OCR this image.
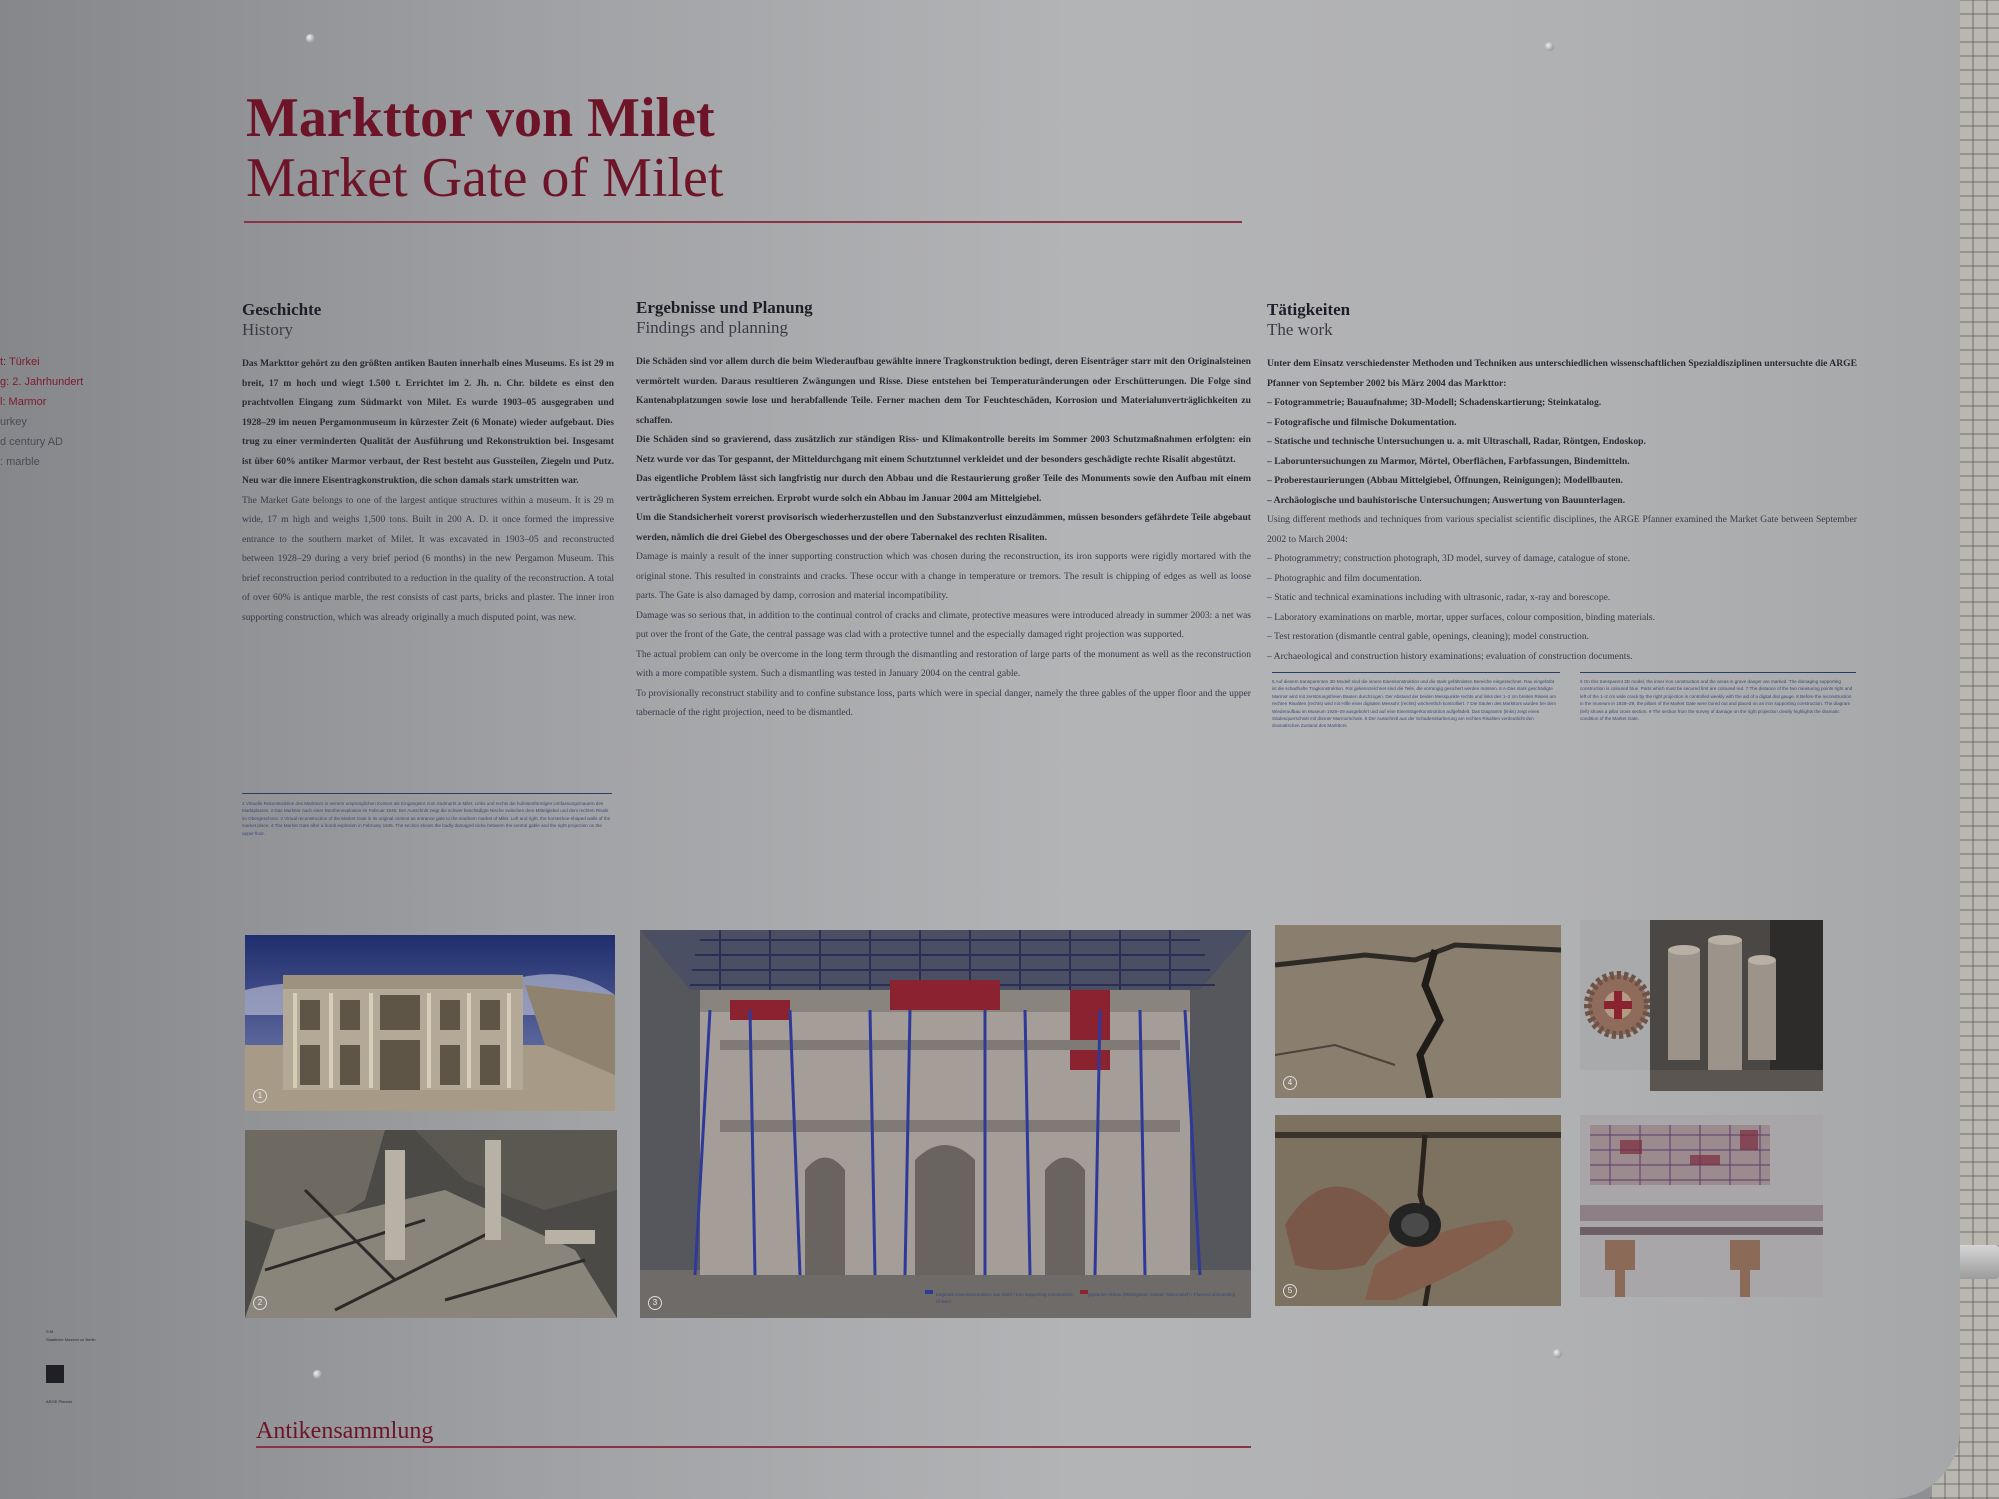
t: Türkei
g: 2. Jahrhundert
l: Marmor
urkey
d century AD
: marble
Markttor von Milet
Market Gate of Milet
Geschichte
History

Das Markttor gehört zu den größten antiken Bauten innerhalb eines Museums. Es ist 29 m breit, 17 m hoch und wiegt 1.500 t. Errichtet im 2. Jh. n. Chr. bildete es einst den prachtvollen Eingang zum Südmarkt von Milet. Es wurde 1903–05 ausgegraben und 1928–29 im neuen Pergamonmuseum in kürzester Zeit (6 Monate) wieder aufgebaut. Dies trug zu einer verminderten Qualität der Ausführung und Rekonstruktion bei. Insgesamt ist über 60% antiker Marmor verbaut, der Rest besteht aus Gussteilen, Ziegeln und Putz. Neu war die innere Eisentragkonstruktion, die schon damals stark umstritten war.

The Market Gate belongs to one of the largest antique structures within a museum. It is 29 m wide, 17 m high and weighs 1,500 tons. Built in 200 A. D. it once formed the impressive entrance to the southern market of Milet. It was excavated in 1903–05 and reconstructed between 1928–29 during a very brief period (6 months) in the new Pergamon Museum. This brief reconstruction period contributed to a reduction in the quality of the reconstruction. A total of over 60% is antique marble, the rest consists of cast parts, bricks and plaster. The inner iron supporting construction, which was already originally a much disputed point, was new.

1 Virtuelle Rekonstruktion des Markttors in seinem ursprünglichen Kontext als Eingangstor zum Südmarkt in Milet. Links und rechts die hufeisenförmigen Umfassungsmauern des Marktplatzes. 2 Das Markttor nach einer Bombenexplosion im Februar 1945. Der Ausschnitt zeigt die schwer beschädigte Nische zwischen dem Mittelgiebel und dem rechten Risalit im Obergeschoss. 3 Virtual reconstruction of the Market Gate in its original context as entrance gate to the southern market of Milet. Left and right, the horseshoe-shaped walls of the market place. 4 The Market Gate after a bomb explosion in February 1945. The section shows the badly damaged niche between the central gable and the right projection on the upper floor.
Ergebnisse und Planung
Findings and planning

Die Schäden sind vor allem durch die beim Wiederaufbau gewählte innere Tragkonstruktion bedingt, deren Eisenträger starr mit den Originalsteinen vermörtelt wurden. Daraus resultieren Zwängungen und Risse. Diese entstehen bei Temperaturänderungen oder Erschütterungen. Die Folge sind Kantenabplatzungen sowie lose und herabfallende Teile. Ferner machen dem Tor Feuchteschäden, Korrosion und Materialunverträglichkeiten zu schaffen.

Die Schäden sind so gravierend, dass zusätzlich zur ständigen Riss- und Klimakontrolle bereits im Sommer 2003 Schutzmaßnahmen erfolgten: ein Netz wurde vor das Tor gespannt, der Mitteldurchgang mit einem Schutztunnel verkleidet und der besonders geschädigte rechte Risalit abgestützt.

Das eigentliche Problem lässt sich langfristig nur durch den Abbau und die Restaurierung großer Teile des Monuments sowie den Aufbau mit einem verträglicheren System erreichen. Erprobt wurde solch ein Abbau im Januar 2004 am Mittelgiebel.

Um die Standsicherheit vorerst provisorisch wiederherzustellen und den Substanzverlust einzudämmen, müssen besonders gefährdete Teile abgebaut werden, nämlich die drei Giebel des Obergeschosses und der obere Tabernakel des rechten Risaliten.

Damage is mainly a result of the inner supporting construction which was chosen during the reconstruction, its iron supports were rigidly mortared with the original stone. This resulted in constraints and cracks. These occur with a change in temperature or tremors. The result is chipping of edges as well as loose parts. The Gate is also damaged by damp, corrosion and material incompatibility.

Damage was so serious that, in addition to the continual control of cracks and climate, protective measures were introduced already in summer 2003: a net was put over the front of the Gate, the central passage was clad with a protective tunnel and the especially damaged right projection was supported.

The actual problem can only be overcome in the long term through the dismantling and restoration of large parts of the monument as well as the reconstruction with a more compatible system. Such a dismantling was tested in January 2004 on the central gable.

To provisionally reconstruct stability and to confine substance loss, parts which were in special danger, namely the three gables of the upper floor and the upper tabernacle of the right projection, need to be dismantled.

Tätigkeiten
The work

Unter dem Einsatz verschiedenster Methoden und Techniken aus unterschiedlichen wissenschaftlichen Spezialdisziplinen untersuchte die ARGE Pfanner von September 2002 bis März 2004 das Markttor:

– Fotogrammetrie; Bauaufnahme; 3D-Modell; Schadenskartierung; Steinkatalog.

– Fotografische und filmische Dokumentation.

– Statische und technische Untersuchungen u. a. mit Ultraschall, Radar, Röntgen, Endoskop.

– Laboruntersuchungen zu Marmor, Mörtel, Oberflächen, Farbfassungen, Bindemitteln.

– Proberestaurierungen (Abbau Mittelgiebel, Öffnungen, Reinigungen); Modellbauten.

– Archäologische und bauhistorische Untersuchungen; Auswertung von Bauunterlagen.

Using different methods and techniques from various specialist scientific disciplines, the ARGE Pfanner examined the Market Gate between September 2002 to March 2004:

– Photogrammetry; construction photograph, 3D model, survey of damage, catalogue of stone.

– Photographic and film documentation.

– Static and technical examinations including with ultrasonic, radar, x-ray and borescope.

– Laboratory examinations on marble, mortar, upper surfaces, colour composition, binding materials.

– Test restoration (dismantle central gable, openings, cleaning); model construction.

– Archaeological and construction history examinations; evaluation of construction documents.

5 Auf diesem transparenten 3D-Modell sind die innere Eisenkonstruktion und die stark gefährdeten Bereiche eingezeichnet. Rau eingefärbt ist die schadhafte Tragkonstruktion. Rot gekennzeichnet sind die Teile, die vorrangig gesichert werden müssen. 6 A-Das stark geschädigte Marmor wird mit zerstörungsfreien Bauten durchzogen. Der Abstand der beiden Messpunkte rechts und links des 1–2 cm breiten Risses am rechten Risaliten (rechts) wird mit Hilfe einer digitalen Messuhr (rechts) wöchentlich kontrolliert. 7 Die Säulen des Markttors wurden bei dem Wiederaufbau im Museum 1928–29 ausgebohrt und auf eine Eisenträgerkonstruktion aufgefädelt. Das Diagramm (links) zeigt einen Säulenquerschnitt mit dünner Marmorschale. 8 Der Ausschnitt aus der Schadenskartierung am rechten Risaliten verdeutlicht den dramatischen Zustand des Markttors.
6 On this transparent 3D model, the inner iron construction and the areas in grave danger are marked. The damaging supporting construction is coloured blue. Parts which must be secured first are coloured red. 7 The distance of the two measuring points right and left of the 1–2 cm wide crack by the right projection is controlled weekly with the aid of a digital dial gauge. 8 Before the reconstruction in the museum in 1928–29, the pillars of the Market Gate were bored out and placed on an iron supporting construction. The diagram (left) shows a pillar cross section. 9 The section from the survey of damage on the right projection clearly highlights the dramatic condition of the Market Gate.
1
2	3
tragende Eisenkonstruktion aus Stahl / Iron supporting construction of steel
geplanter Abbau (Mittelgiebel, Giebel, Tabernakel) / Planned dismantling
4
5
S·M
Staatliche Museen zu Berlin
ARGE Pfanner
Antikensammlung
